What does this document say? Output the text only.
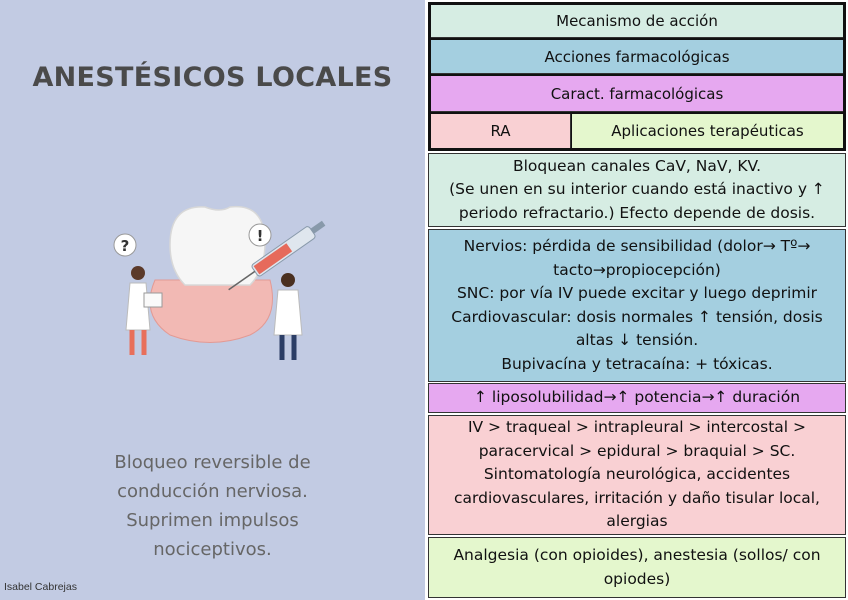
ANESTÉSICOS LOCALES
?
!
Bloqueo reversible de
conducción nerviosa.
Suprimen impulsos
nociceptivos.
Isabel Cabrejas
Mecanismo de acción
Acciones farmacológicas
Caract. farmacológicas
RA	Aplicaciones terapéuticas
Bloquean canales CaV, NaV, KV.
(Se unen en su interior cuando está inactivo y ↑
periodo refractario.) Efecto depende de dosis.
Nervios: pérdida de sensibilidad (dolor→ Tº→
tacto→propiocepción)
SNC: por vía IV puede excitar y luego deprimir
Cardiovascular: dosis normales ↑ tensión, dosis
altas ↓ tensión.
Bupivacína y tetracaína: + tóxicas.
↑ liposolubilidad→↑ potencia→↑ duración
IV > traqueal > intrapleural > intercostal >
paracervical > epidural > braquial > SC.
Sintomatología neurológica, accidentes
cardiovasculares, irritación y daño tisular local,
alergias
Analgesia (con opioides), anestesia (sollos/ con
opiodes)
